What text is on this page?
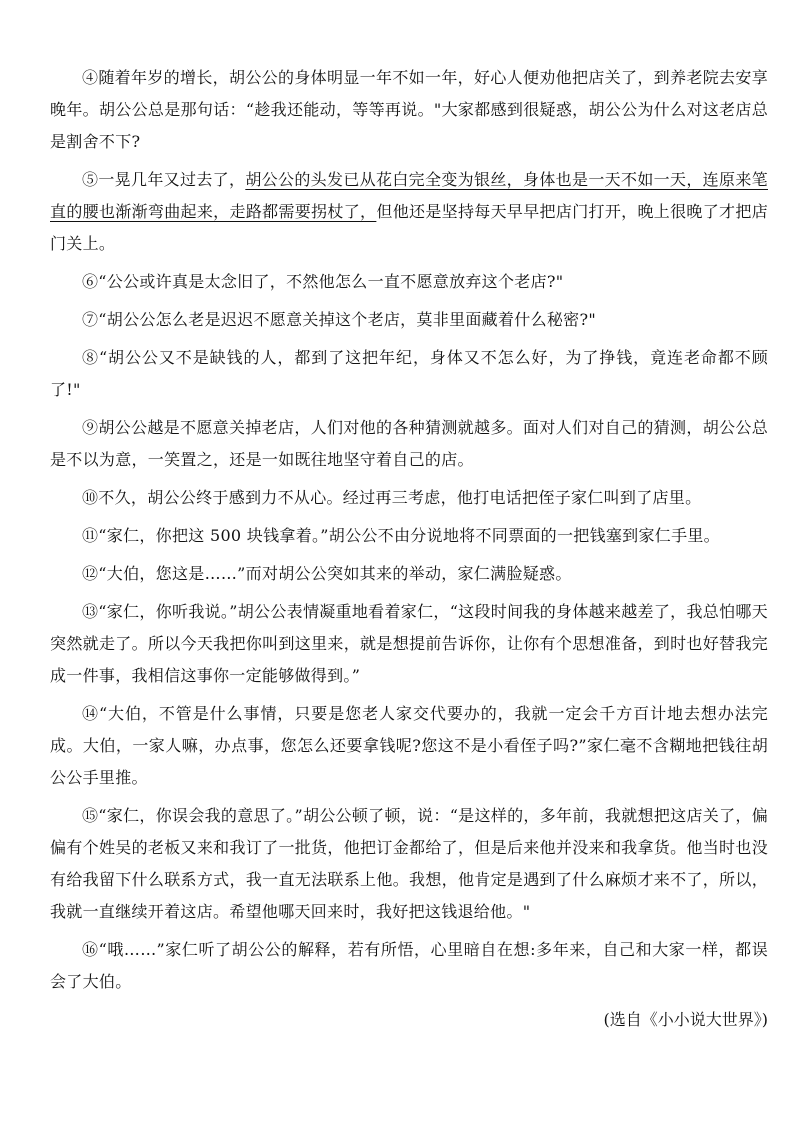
④随着年岁的增长，胡公公的身体明显一年不如一年，好心人便劝他把店关了，到养老院去安享晚年。胡公公总是那句话：“趁我还能动，等等再说。"大家都感到很疑惑，胡公公为什么对这老店总是割舍不下?

⑤一晃几年又过去了，胡公公的头发已从花白完全变为银丝，身体也是一天不如一天，连原来笔直的腰也渐渐弯曲起来，走路都需要拐杖了，但他还是坚持每天早早把店门打开，晚上很晚了才把店门关上。

⑥“公公或许真是太念旧了，不然他怎么一直不愿意放弃这个老店?"

⑦“胡公公怎么老是迟迟不愿意关掉这个老店，莫非里面藏着什么秘密?"

⑧“胡公公又不是缺钱的人，都到了这把年纪，身体又不怎么好，为了挣钱，竟连老命都不顾了!"

⑨胡公公越是不愿意关掉老店，人们对他的各种猜测就越多。面对人们对自己的猜测，胡公公总是不以为意，一笑置之，还是一如既往地坚守着自己的店。

⑩不久，胡公公终于感到力不从心。经过再三考虑，他打电话把侄子家仁叫到了店里。

⑪“家仁，你把这 500 块钱拿着。”胡公公不由分说地将不同票面的一把钱塞到家仁手里。

⑫“大伯，您这是……”而对胡公公突如其来的举动，家仁满脸疑惑。

⑬“家仁，你听我说。”胡公公表情凝重地看着家仁，“这段时间我的身体越来越差了，我总怕哪天突然就走了。所以今天我把你叫到这里来，就是想提前告诉你，让你有个思想准备，到时也好替我完成一件事，我相信这事你一定能够做得到。”

⑭“大伯，不管是什么事情，只要是您老人家交代要办的，我就一定会千方百计地去想办法完成。大伯，一家人嘛，办点事，您怎么还要拿钱呢?您这不是小看侄子吗?”家仁毫不含糊地把钱往胡公公手里推。

⑮“家仁，你误会我的意思了。”胡公公顿了顿，说：“是这样的，多年前，我就想把这店关了，偏偏有个姓吴的老板又来和我订了一批货，他把订金都给了，但是后来他并没来和我拿货。他当时也没有给我留下什么联系方式，我一直无法联系上他。我想，他肯定是遇到了什么麻烦才来不了，所以，我就一直继续开着这店。希望他哪天回来时，我好把这钱退给他。"

⑯“哦……”家仁听了胡公公的解释，若有所悟，心里暗自在想:多年来，自己和大家一样，都误会了大伯。

(选自《小小说大世界》)
